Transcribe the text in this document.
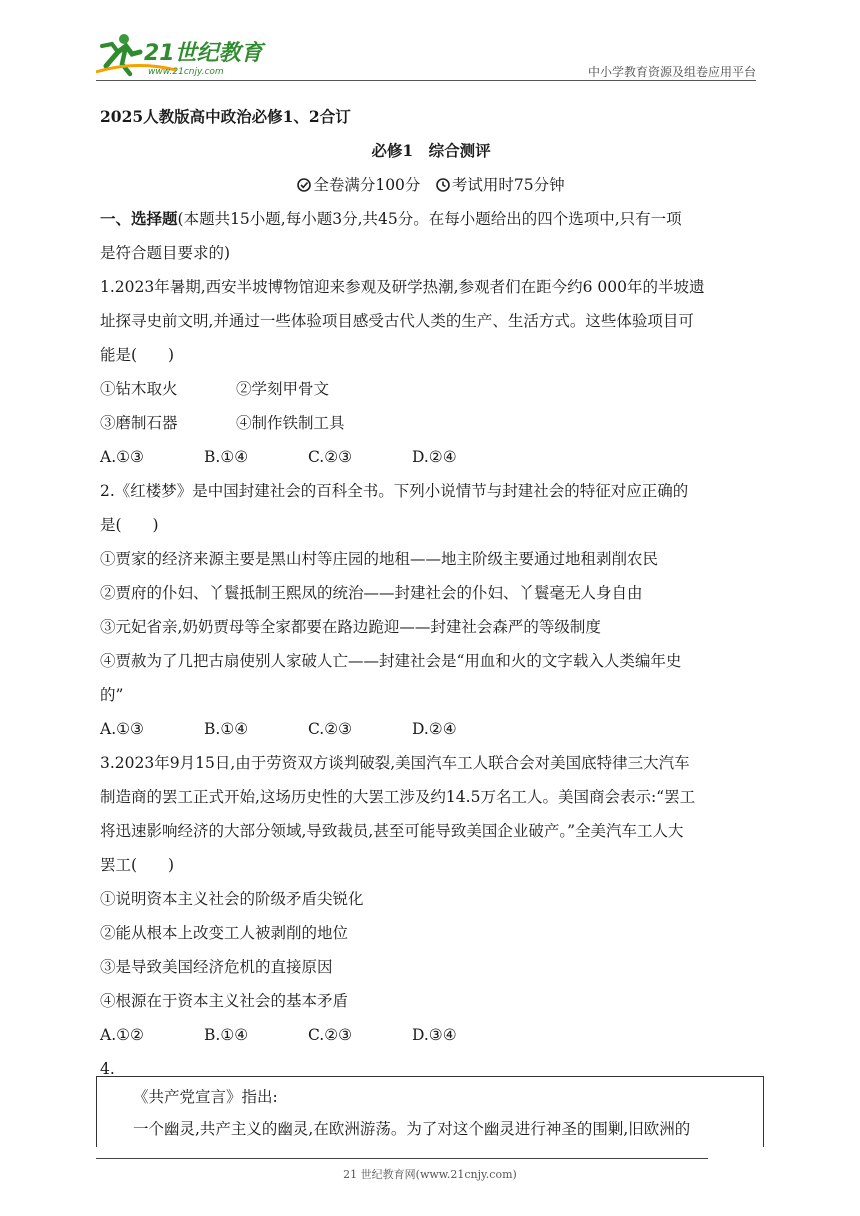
21世纪教育
www.21cnjy.com	中小学教育资源及组卷应用平台
2025人教版高中政治必修1、2合订
必修1　综合测评
全卷满分100分  考试用时75分钟
一、选择题(本题共15小题,每小题3分,共45分。在每小题给出的四个选项中,只有一项
是符合题目要求的)
1.2023年暑期,西安半坡博物馆迎来参观及研学热潮,参观者们在距今约6 000年的半坡遗
址探寻史前文明,并通过一些体验项目感受古代人类的生产、生活方式。这些体验项目可
能是(　　)
①钻木取火	②学刻甲骨文
③磨制石器	④制作铁制工具
A.①③	B.①④	C.②③	D.②④
2.《红楼梦》是中国封建社会的百科全书。下列小说情节与封建社会的特征对应正确的
是(　　)
①贾家的经济来源主要是黑山村等庄园的地租——地主阶级主要通过地租剥削农民
②贾府的仆妇、丫鬟抵制王熙凤的统治——封建社会的仆妇、丫鬟毫无人身自由
③元妃省亲,奶奶贾母等全家都要在路边跪迎——封建社会森严的等级制度
④贾赦为了几把古扇使别人家破人亡——封建社会是“用血和火的文字载入人类编年史
的”
A.①③	B.①④	C.②③	D.②④
3.2023年9月15日,由于劳资双方谈判破裂,美国汽车工人联合会对美国底特律三大汽车
制造商的罢工正式开始,这场历史性的大罢工涉及约14.5万名工人。美国商会表示:“罢工
将迅速影响经济的大部分领域,导致裁员,甚至可能导致美国企业破产。”全美汽车工人大
罢工(　　)
①说明资本主义社会的阶级矛盾尖锐化
②能从根本上改变工人被剥削的地位
③是导致美国经济危机的直接原因
④根源在于资本主义社会的基本矛盾
A.①②	B.①④	C.②③	D.③④
4.
《共产党宣言》指出:
一个幽灵,共产主义的幽灵,在欧洲游荡。为了对这个幽灵进行神圣的围剿,旧欧洲的
21 世纪教育网(www.21cnjy.com)
